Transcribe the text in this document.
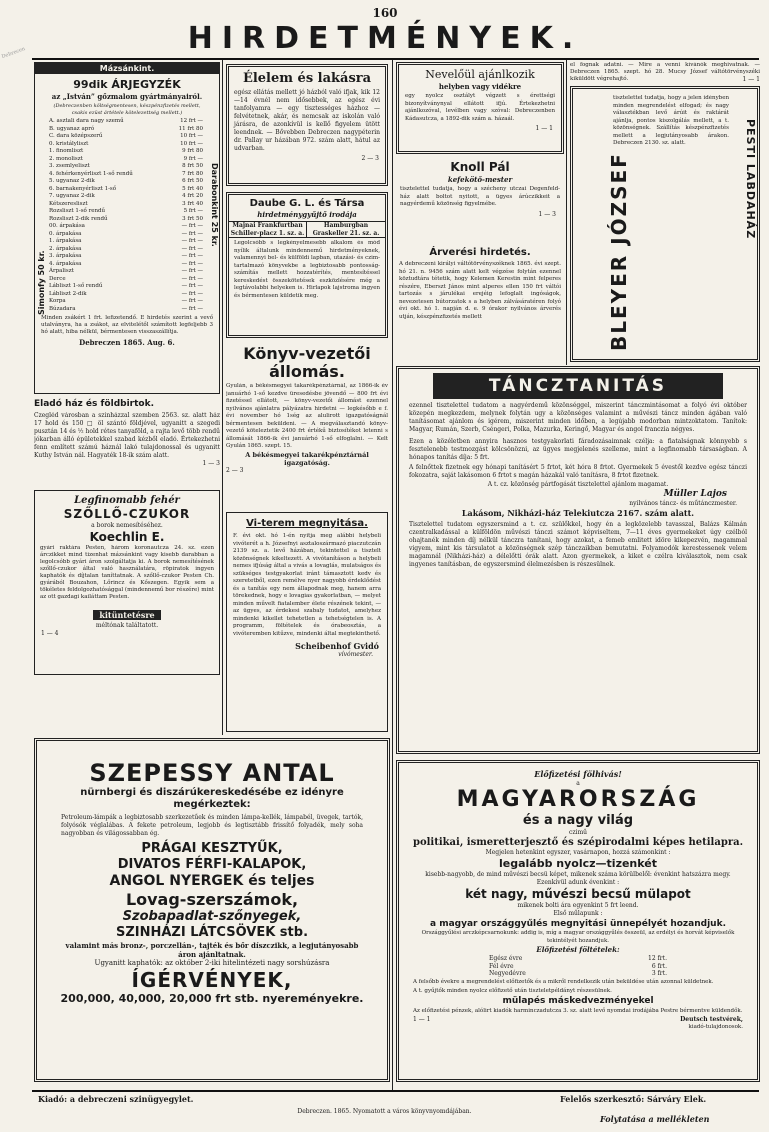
Debrecen
160
HIRDETMÉNYEK.
Mázsánkint.
99dik ÁRJEGYZÉK
az „István” gőzmalom gyártmányairól.
(Debreczenben költségmentesen, készpénzfizetés mellett, csakis ezüst ártétele kötelezettség mellett.)
Simonfy 50 kr.
Darabonkint 25 kr.
A. asztali dara nagy szemű	12 frt —
B. ugyanaz apró	11 frt 80
C. dara középszerű	10 frt —
0. kristályliszt	10 frt —
1. finomliszt	9 frt 80
2. monoliszt	9 frt —
3. zsemlyeliszt	8 frt 50
4. fehérkenyérliszt 1-ső rendű	7 frt 80
5. ugyanaz 2-dik	6 frt 50
6. barnakenyérliszt 1-ső	5 frt 40
7. ugyanaz 2-dik	4 frt 20
Kétszeresliszt	3 frt 40
Rozsliszt 1-ső rendű	5 frt —
Rozsliszt 2-dik rendű	3 frt 50
00. árpakása	— frt —
0. árpakása	— frt —
1. árpakása	— frt —
2. árpakása	— frt —
3. árpakása	— frt —
4. árpakása	— frt —
Árpaliszt	— frt —
Derce	— frt —
Lábliszt 1-ső rendű	— frt —
Lábliszt 2-dik	— frt —
Korpa	— frt —
Búzadara	— frt —
Minden zsákért 1 frt. lefizetendő. E hirdetés szerint a vevő utalványra, ha a zsákot, az elvitelétől számított legfeljebb 3 hó alatt, hiba nélkül, bérmentesen visszaszállítja.
Debreczen 1865. Aug. 6.
Eladó ház és földbirtok.
Czegléd városban a szinházzal szemben 2563. sz. alatt ház 17 hold és 150 □ öl szántó földjével, ugyanitt a szegedi pusztán 14 és ½ hold rétes tanyaföld, a rajta levő több rendű jókarban álló épületekkel szabad kézből eladó. Értekezhetni fenn említett számú háznál lakó tulajdonossal és ugyanitt Kuthy István nál. Hagyaték 18-ik szám alatt.
1 — 3
Legfinomabb fehér
SZŐLLŐ-CZUKOR
a borok nemesítéséhez.
Koechlin E.
gyári raktára Pesten, három koronautcza 24. sz. ezen árczikket mind tizenhat mázsánkint vagy kisebb darabban a legolcsóbb gyári áron szolgáltatja ki. A borok nemesítésének szőllő-czukor által való használatára, röpiratok ingyen kaphatók és díjtalan taníttatnak. A szőllő-czukor Pesten Ch. gyárából Bouzahon, Lőrincz és Kőszegen. Egyik sem a tökéletes feldolgozhatósággal (mindennemű bor részére) mint az ott gazdagi kailáttam Pesten.
kitüntetésre
méltónak találtatott.
1 — 4
Élelem és lakásra
egész ellátás mellett jó házból való ifjak, kik 12—14 évnél nem idősebbek, az egész évi tanfolyamra — egy tisztességes házhoz — felvétetnek, akár, és nemcsak az iskolán való járásra, de azonkívül is kellő figyelem ütött leendnek. — Bővebben Debreczen nagypéterin dr. Pallay ur házában 972. szám alatt, hátul az udvarban.
2 — 3
Daube G. L. és Társa
hirdetménygyűjtő irodája
Majnai Frankfurtban Schiller-placz 1. sz. a.
Hamburgban Graskeller 21. sz. a.
Legolcsóbb s legkényelmesebb alkalom és mód nyílik általunk mindennemű hirdetményeknek, valamennyi bel- és külföldi lapban, utazási- és czim-tartalmazó könyvekbe a legbiztosabb pontosság-számítás mellett hozzatérítés, mentesítéssel kereskedést összekötetések eszközlésére még a legtávolabbi helyeken is. Hirlapok lajstroma ingyen és bérmentesen küldetik meg.
Könyv-vezetői
állomás.
Gyulán, a békésmegyei takarékpénztárnál, az 1866-ik év januárhó 1-ső kezdve üresedésbe jövendő — 800 frt évi fizetéssel ellátott, — könyv-vezetői állomást ezennel nyilvános ajánlatra pályázatra hirdetni — legkésőbb e f. évi november hó 1ség az alulirott igazgatóságnál bérmentesen beküldeni. — A megválasztandó könyv-vezető köteleztetik 2400 frt értékű biztosítékot letenni s állomását 1866-ik évi januárhó 1-ső elfoglalni. — Kelt Gyulán 1865. szept. 15.
A békésmegyei takarékpénztárnál igazgatóság.
2 — 3
Vi-terem megnyitása.
F. évi okt. hó 1-én nyitja meg alábbi helybeli vivóterét a h. Józsefnyi asztaloszármazó piaczutczán 2139 sz. a. levő házában, tekintettel a tisztelt közönségnek kikeltezett. A vivótanításon a helybeli nemes ifjúság által a vivás a lovaglás, mulatságos és szükséges testgyakorlat iránt támasztott kedv és szeretetből, ezen remélve nyer nagyobb érdeklődést és a tanítás egy nem állapodnak meg, hanem arra törekednek, hogy e lovagias gyakorlatban, — melyet minden művelt fiatalember élete részének tekint, — az ügyes, az érdekesi szabaly tudatot, amelyhez mindenki kikellet tehetetlen a tehetségtelen is. A programm, föltételek és órabeosztás, a vivóteremben kitűzve, mindenki által megtekinthető.
Scheibenhof Gvidó
vívómester.
SZEPESSY ANTAL
nürnbergi és diszárúkereskedésébe ez idényre megérkeztek:
Petroleum-lámpák a legbiztosabb szerkezetűek és minden lámpa-kellék, lámpabél, üvegek, tartók, folyósók véglalábas. A fekete petroleum, legjobb és legtisztább frissítő folyadék, mely soha nagyobban és világossabban ég.
PRÁGAI KESZTYŰK,
DIVATOS FÉRFI-KALAPOK,
ANGOL NYERGEK és teljes
Lovag-szerszámok,
Szobapadlat-szőnyegek,
SZINHÁZI LÁTCSÖVEK stb.
valamint más bronz-, porczellán-, tajték és bőr díszczikk, a legjutányosabb áron ajánltatnak.
Ugyanitt kaphatók: az október 2-iki hitelintézeti nagy sorshúzásra
ÍGÉRVÉNYEK,
200,000, 40,000, 20,000 frt stb. nyereményekre.
Nevelőül ajánlkozik
helyben vagy vidékre
egy nyolcz osztályt végzett s érettségi bizonyítványnyal ellátott ifjú. Értekezhetni ajánlkozóval, levélben vagy szóval: Debreczenben Kádasutcza, a 1892-dik szám a. házaál.
1 — 1
Knoll Pál
kefekötő-mester
tisztelettel tudatja, hogy a szécheny utczai Degenfeld-ház alatt boltot nyitott, a ügyes árúczikkeit a nagyérdemű közönség figyelmébe.
1 — 3
Árverési hirdetés.
A debreczeni királyi váltótörvényszéknek 1865. évi szept. hó 21. n. 9456 szám alatt kelt végzése folytán ezennel köztudtára tétetik, hogy Kelemen Kerestin mint felperes részére, Eberszt János mint alperes ellen 150 frt váltói tartozás s járulékai erejéig lefoglalt ingóságok, nevezetesen bútorzatok s a helyben zálvásáratéren folyó évi okt. hó 1. napján d. e. 9 órakor nyilvános árverés utján, készpénzfizetés mellett
el fognak adatni. — Mire a venni kívánók meghivatnak. — Debreczen 1865. szept. hó 28. Mucsy József váltótörvényszéki kiküldött végrehajtó.	1 — 1
BLEYER JÓZSEF	PESTI LABDAHÁZ
tisztelettel tudatja, hogy a jelen idényben minden megrendelést elfogad; és nagy választékban levő árúit és raktárát ajánlja, pontos kiszolgálás mellett, a t. közönségnek. Szállítás készpénzfizetés mellett a legjutányosabb árakon. Debreczen 2130. sz. alatt.
TÁNCZTANITÁS
ezennel tisztelettel tudatom a nagyérdemű közönséggel, miszerint tánczmintásomat a folyó évi október közepén megkezdem, melynek folytán ugy a közönséges valamint a művészi táncz minden ágában való tanításomat ajánlom és igérem, miszerint minden időben, a legújabb modorban mintzoktatom. Tanítok: Magyar, Rumán, Szerb, Cséngeri, Polka, Mazurka, Keringő, Magyar és angol franczia négyes.
Ezen a közéletben annyira hasznos testgyakorlati fáradozásaimnak czélja: a fiatalságnak könnyebb s fesztelenebb testmozgást kölcsönözni, az ügyes megjelenés szelleme, mint a legfinomabb társaságban. A hónapos tanítás díja: 5 frt.
A felnőttek fizetnek egy hónapi tanításért 5 frtot, két hóra 8 frtot. Gyermekek 5 évestől kezdve egész tánczi fokozatra, saját lakásomon 6 frtot s magán házakál való tanításra, 8 frtot fizetnek.
A t. cz. közönség pártfogását tisztelettel ajánlom magamat.
Müller Lajos
nyilvános táncz- és műtánczmester.
Lakásom, Nikházi-ház Telekiutcza 2167. szám alatt.
Tisztelettel tudatom egyszersmind a t. cz. szülőkkel, hogy én a legközelebb tavasszal, Balázs Kálmán czentralkadással a külföldön művészi tánczi számot képviseltem, 7—11 éves gyermekeket úgy czélból ohajtanék minden díj nélkül tánczra tanítani, hogy azokat, a femeb emlitett idöre kikepezvén, magammal vigyem, mint kis társulatot a közönségnek szép tánczaikban bemutatni. Folyamodók kerestessenek velem magamnál (Nikházi-ház) a délelőtti órák alatt. Azon gyermekek, a kiket e czélra kiválasztok, nem csak ingyenes tanításban, de egyszersmind élelmezésben is részesülnek.
Előfizetési fölhivás!
a
MAGYARORSZÁG
és a nagy világ
czimű
politikai, ismeretterjesztő és szépirodalmi képes hetilapra.
Megjelen hetenkint egyszer, vasárnapon, hozzá számonkint :
legalább nyolcz—tizenkét
kisebb-nagyobb, de mind művészi becsü képet, mikenek száma körülbelől: évenkint hatszázra megy.
Ezenkívül adunk évenkint :
két nagy, művészi becsű mülapot
mikenek bolti ára egyenkint 5 frt leend.
Első műlapunk :
a magyar országgyűlés megnyitási ünnepélyét hozandjuk.
Országgyűlési arczképcsarnokunk: addig is, míg a magyar országgyűlés összeül, az erdélyi és horvát képviselők tekintélyét hozandjuk.
Előfizetési föltételek:
Egész évre	12 frt.
Fél évre	6 frt.
Negyedévre	3 frt.
A felsőbb évekre a megrendelést előfizetők és a mikről rendelkezik után beküldése után azonnal küldetnek.
A t. gyűjtők minden nyolcz előfizető után tiszteletpéldányt részesülnek.
mülapés máskedvezményekel
Az előfizetési pénzek, alólirt kiadók harminczadutcza 3. sz. alatt levő nyomdai irodájába Pestre bérmentve küldendők.
1 — 1	Deutsch testvérek,
kiadó-tulajdonosok.
Kiadó: a debreczeni szinügyegylet.	Felelős szerkesztő: Sárváry Elek.
Debreczen. 1865. Nyomatott a város könyvnyomdájában.
Folytatása a mellékleten
